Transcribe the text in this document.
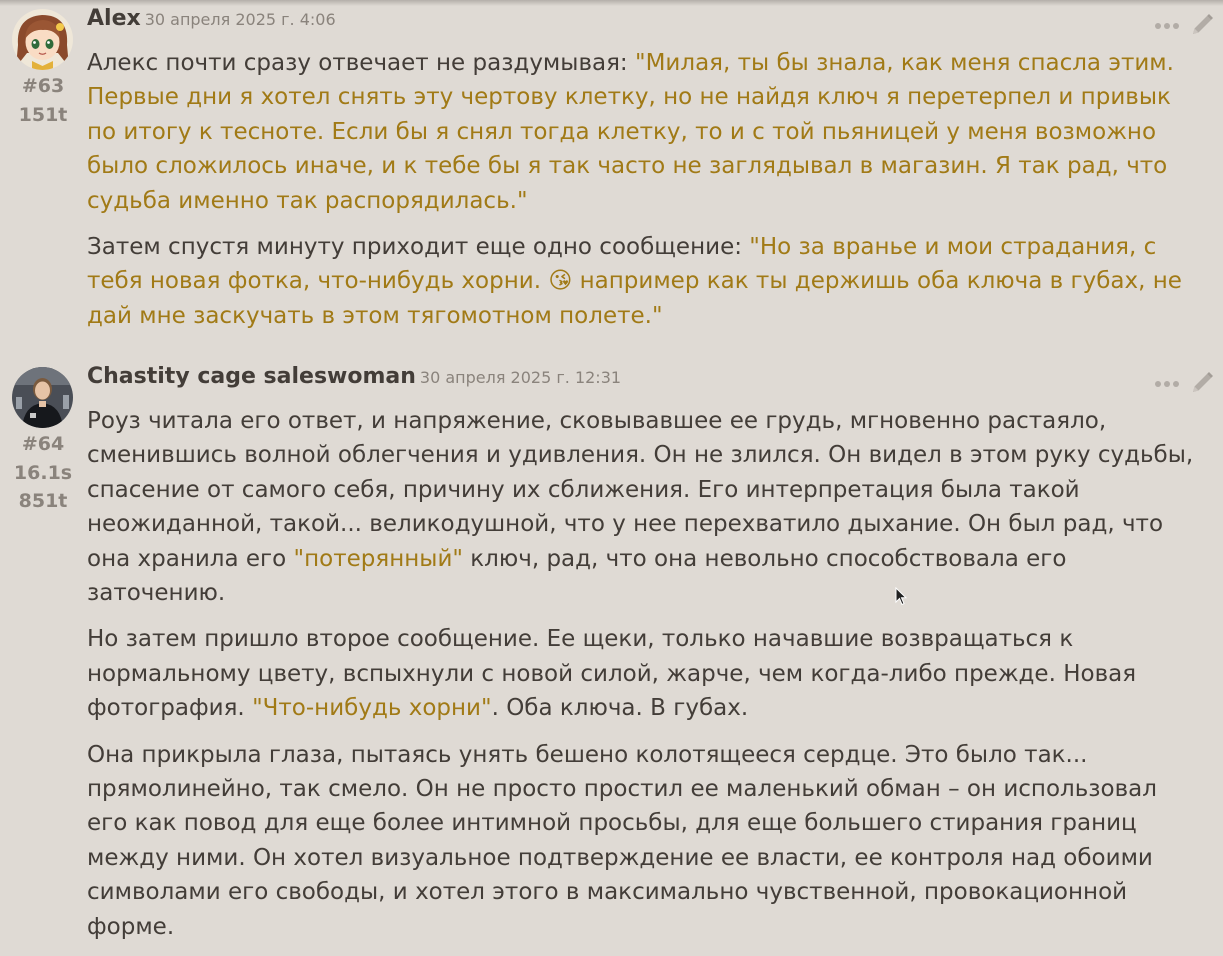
#63
151t
Alex 30 апреля 2025 г. 4:06

Алекс почти сразу отвечает не раздумывая: "Милая, ты бы знала, как меня спасла этим. Первые дни я хотел снять эту чертову клетку, но не найдя ключ я перетерпел и привык по итогу к тесноте. Если бы я снял тогда клетку, то и с той пьяницей у меня возможно было сложилось иначе, и к тебе бы я так часто не заглядывал в магазин. Я так рад, что судьба именно так распорядилась."

Затем спустя минуту приходит еще одно сообщение: "Но за вранье и мои страдания, с тебя новая фотка, что-нибудь хорни. 😘 например как ты держишь оба ключа в губах, не дай мне заскучать в этом тягомотном полете."

#64
16.1s
851t
Chastity cage saleswoman 30 апреля 2025 г. 12:31

Роуз читала его ответ, и напряжение, сковывавшее ее грудь, мгновенно растаяло, сменившись волной облегчения и удивления. Он не злился. Он видел в этом руку судьбы, спасение от самого себя, причину их сближения. Его интерпретация была такой неожиданной, такой... великодушной, что у нее перехватило дыхание. Он был рад, что она хранила его "потерянный" ключ, рад, что она невольно способствовала его заточению.

Но затем пришло второе сообщение. Ее щеки, только начавшие возвращаться к нормальному цвету, вспыхнули с новой силой, жарче, чем когда-либо прежде. Новая фотография. "Что-нибудь хорни". Оба ключа. В губах.

Она прикрыла глаза, пытаясь унять бешено колотящееся сердце. Это было так... прямолинейно, так смело. Он не просто простил ее маленький обман – он использовал его как повод для еще более интимной просьбы, для еще большего стирания границ между ними. Он хотел визуальное подтверждение ее власти, ее контроля над обоими символами его свободы, и хотел этого в максимально чувственной, провокационной форме.
